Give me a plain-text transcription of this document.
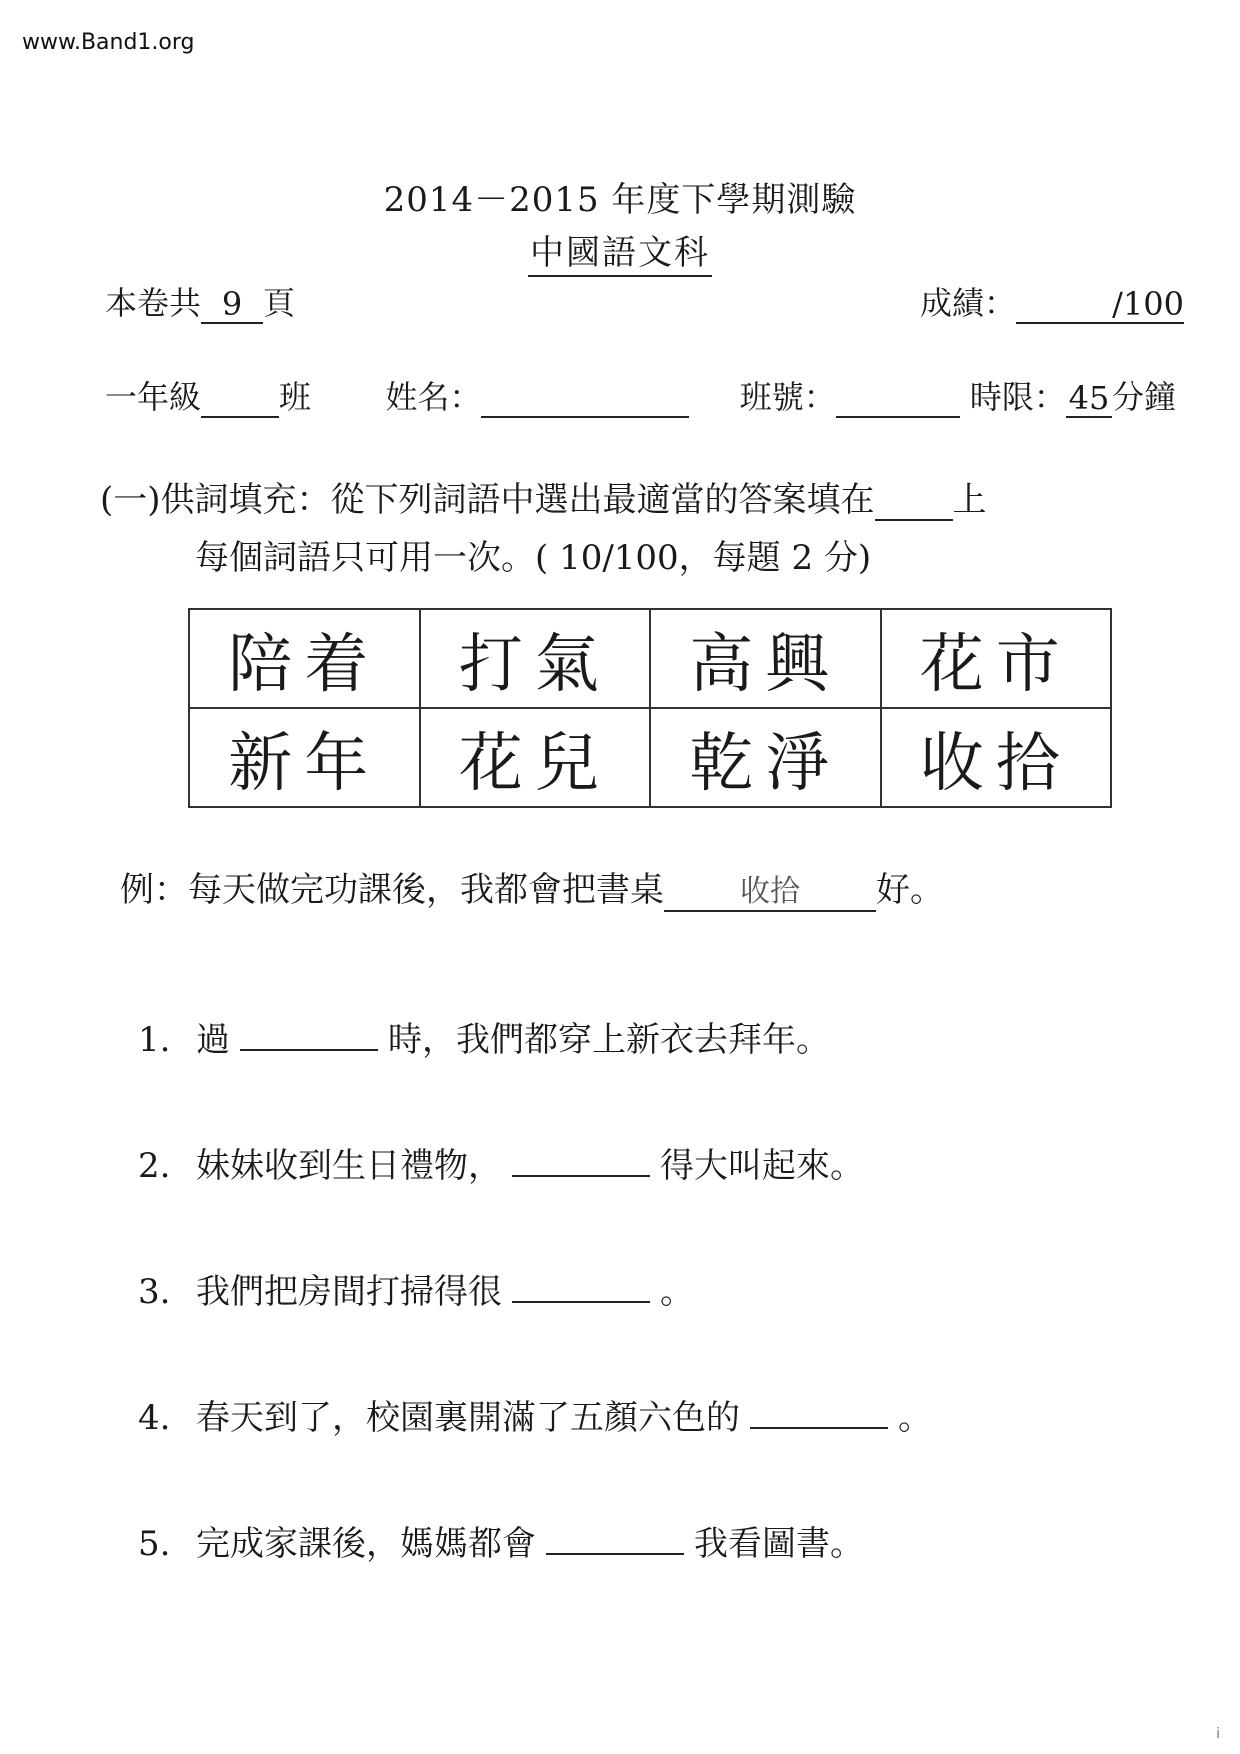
www.Band1.org
2014－2015 年度下學期測驗
中國語文科
本卷共 9 頁	成績：	/100
一年級 班 姓名：	班號：	時限：45分鐘
(一)供詞填充：從下列詞語中選出最適當的答案填在 上
每個詞語只可用一次。( 10/100，每題 2 分)
陪着	打氣	高興	花市
新年	花兒	乾淨	收拾
例：每天做完功課後，我都會把書桌	收拾 好。
1. 過	時，我們都穿上新衣去拜年。
2. 妹妹收到生日禮物，	得大叫起來。
3. 我們把房間打掃得很	。
4. 春天到了，校園裏開滿了五顏六色的	。
5. 完成家課後，媽媽都會	我看圖書。
i
